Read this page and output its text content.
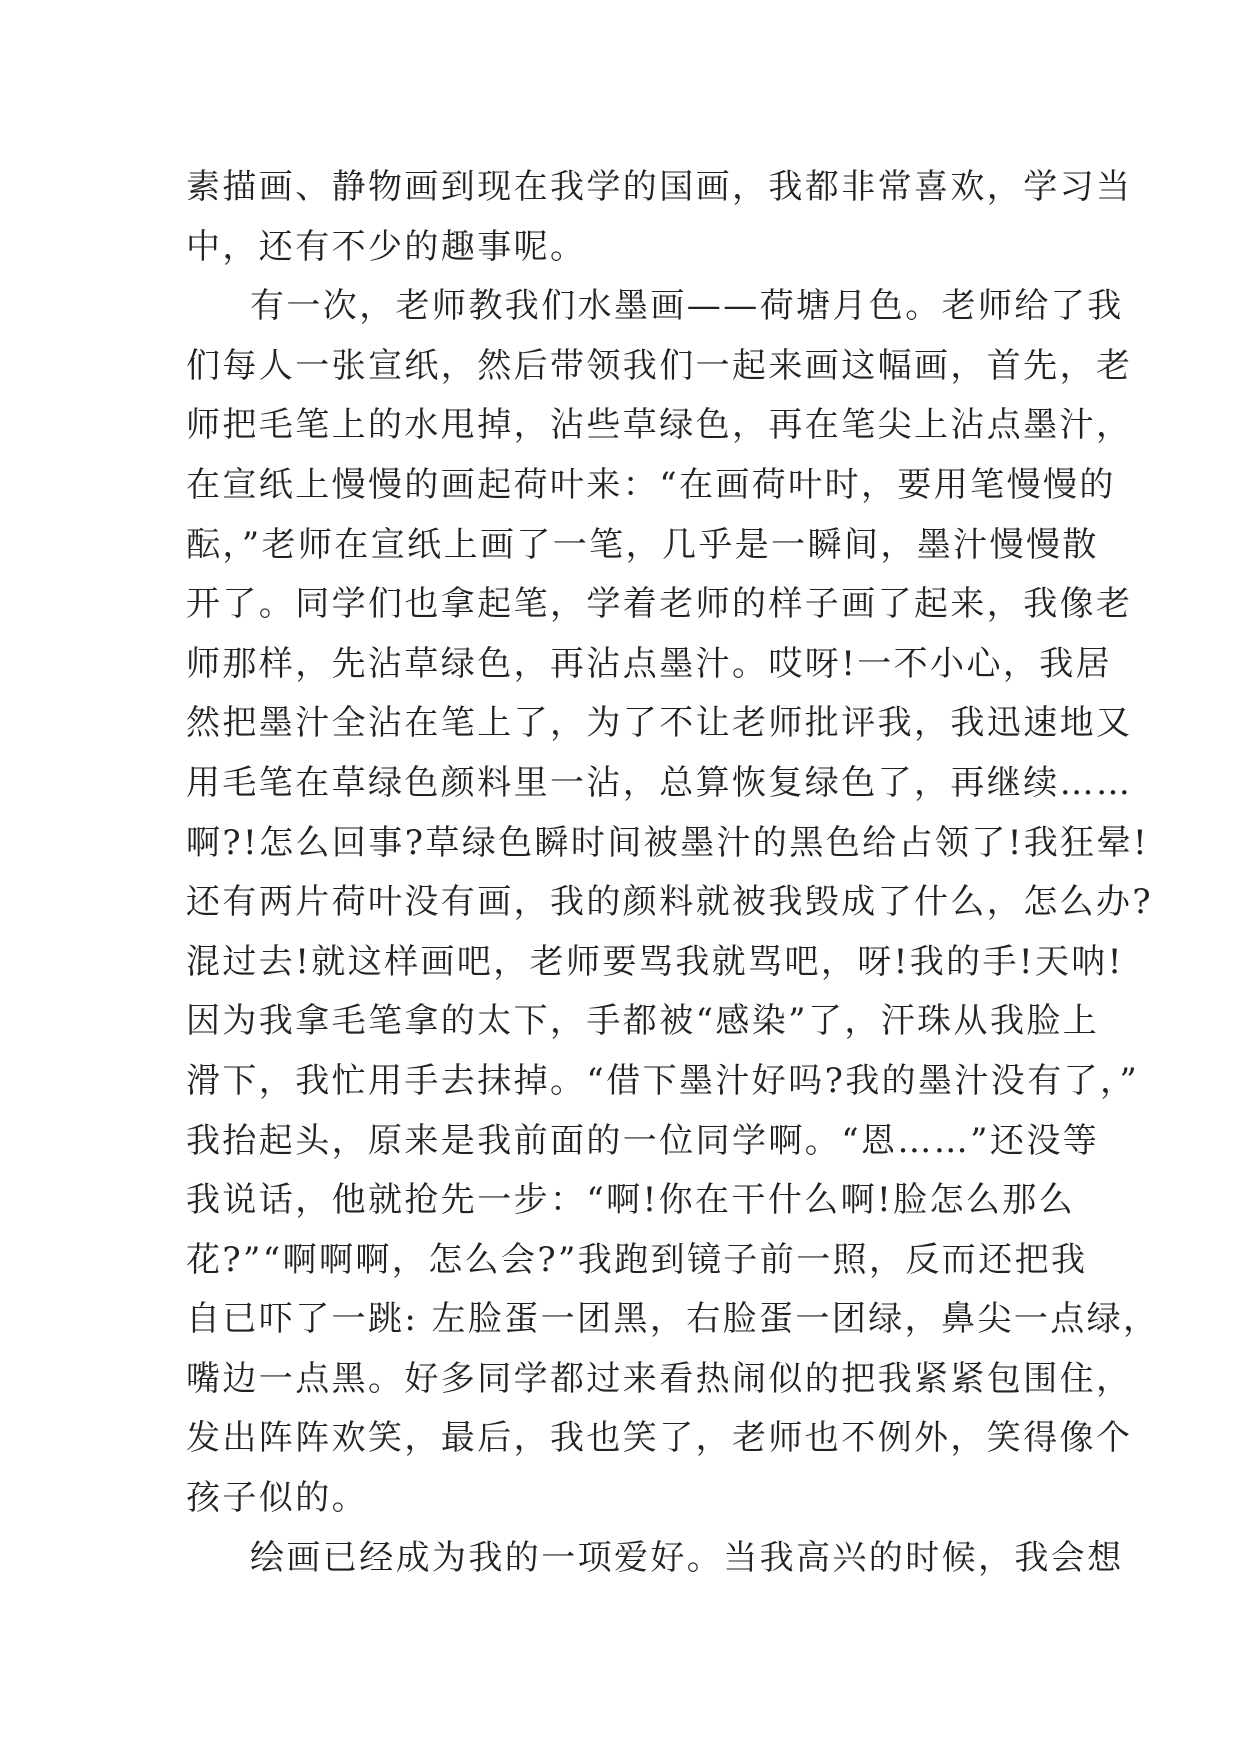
素描画、静物画到现在我学的国画，我都非常喜欢，学习当
中，还有不少的趣事呢。
有一次，老师教我们水墨画——荷塘月色。老师给了我
们每人一张宣纸，然后带领我们一起来画这幅画，首先，老
师把毛笔上的水甩掉，沾些草绿色，再在笔尖上沾点墨汁，
在宣纸上慢慢的画起荷叶来：“在画荷叶时，要用笔慢慢的
酝，”老师在宣纸上画了一笔，几乎是一瞬间，墨汁慢慢散
开了。同学们也拿起笔，学着老师的样子画了起来，我像老
师那样，先沾草绿色，再沾点墨汁。哎呀!一不小心，我居
然把墨汁全沾在笔上了，为了不让老师批评我，我迅速地又
用毛笔在草绿色颜料里一沾，总算恢复绿色了，再继续……
啊?!怎么回事?草绿色瞬时间被墨汁的黑色给占领了!我狂晕!
还有两片荷叶没有画，我的颜料就被我毁成了什么，怎么办?
混过去!就这样画吧，老师要骂我就骂吧，呀!我的手!天呐!
因为我拿毛笔拿的太下，手都被“感染”了，汗珠从我脸上
滑下，我忙用手去抹掉。“借下墨汁好吗?我的墨汁没有了，”
我抬起头，原来是我前面的一位同学啊。“恩……”还没等
我说话，他就抢先一步：“啊!你在干什么啊!脸怎么那么
花?”“啊啊啊，怎么会?”我跑到镜子前一照，反而还把我
自已吓了一跳: 左脸蛋一团黑，右脸蛋一团绿，鼻尖一点绿，
嘴边一点黑。好多同学都过来看热闹似的把我紧紧包围住，
发出阵阵欢笑，最后，我也笑了，老师也不例外，笑得像个
孩子似的。
绘画已经成为我的一项爱好。当我高兴的时候，我会想
